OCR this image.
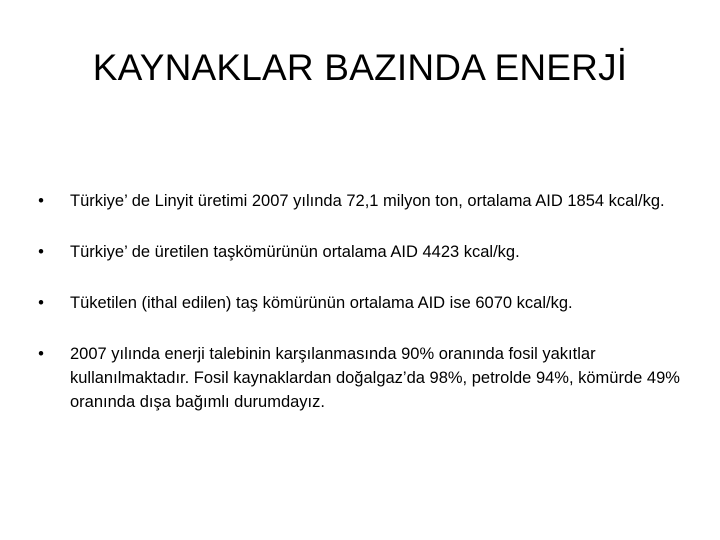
KAYNAKLAR BAZINDA ENERJİ
• Türkiye’ de Linyit üretimi 2007 yılında 72,1 milyon ton, ortalama AID 1854 kcal/kg.
• Türkiye’ de üretilen taşkömürünün ortalama AID 4423 kcal/kg.
• Tüketilen (ithal edilen) taş kömürünün ortalama AID ise 6070 kcal/kg.
• 2007 yılında enerji talebinin karşılanmasında 90% oranında fosil yakıtlar kullanılmaktadır. Fosil kaynaklardan doğalgaz’da 98%, petrolde 94%, kömürde 49% oranında dışa bağımlı durumdayız.
